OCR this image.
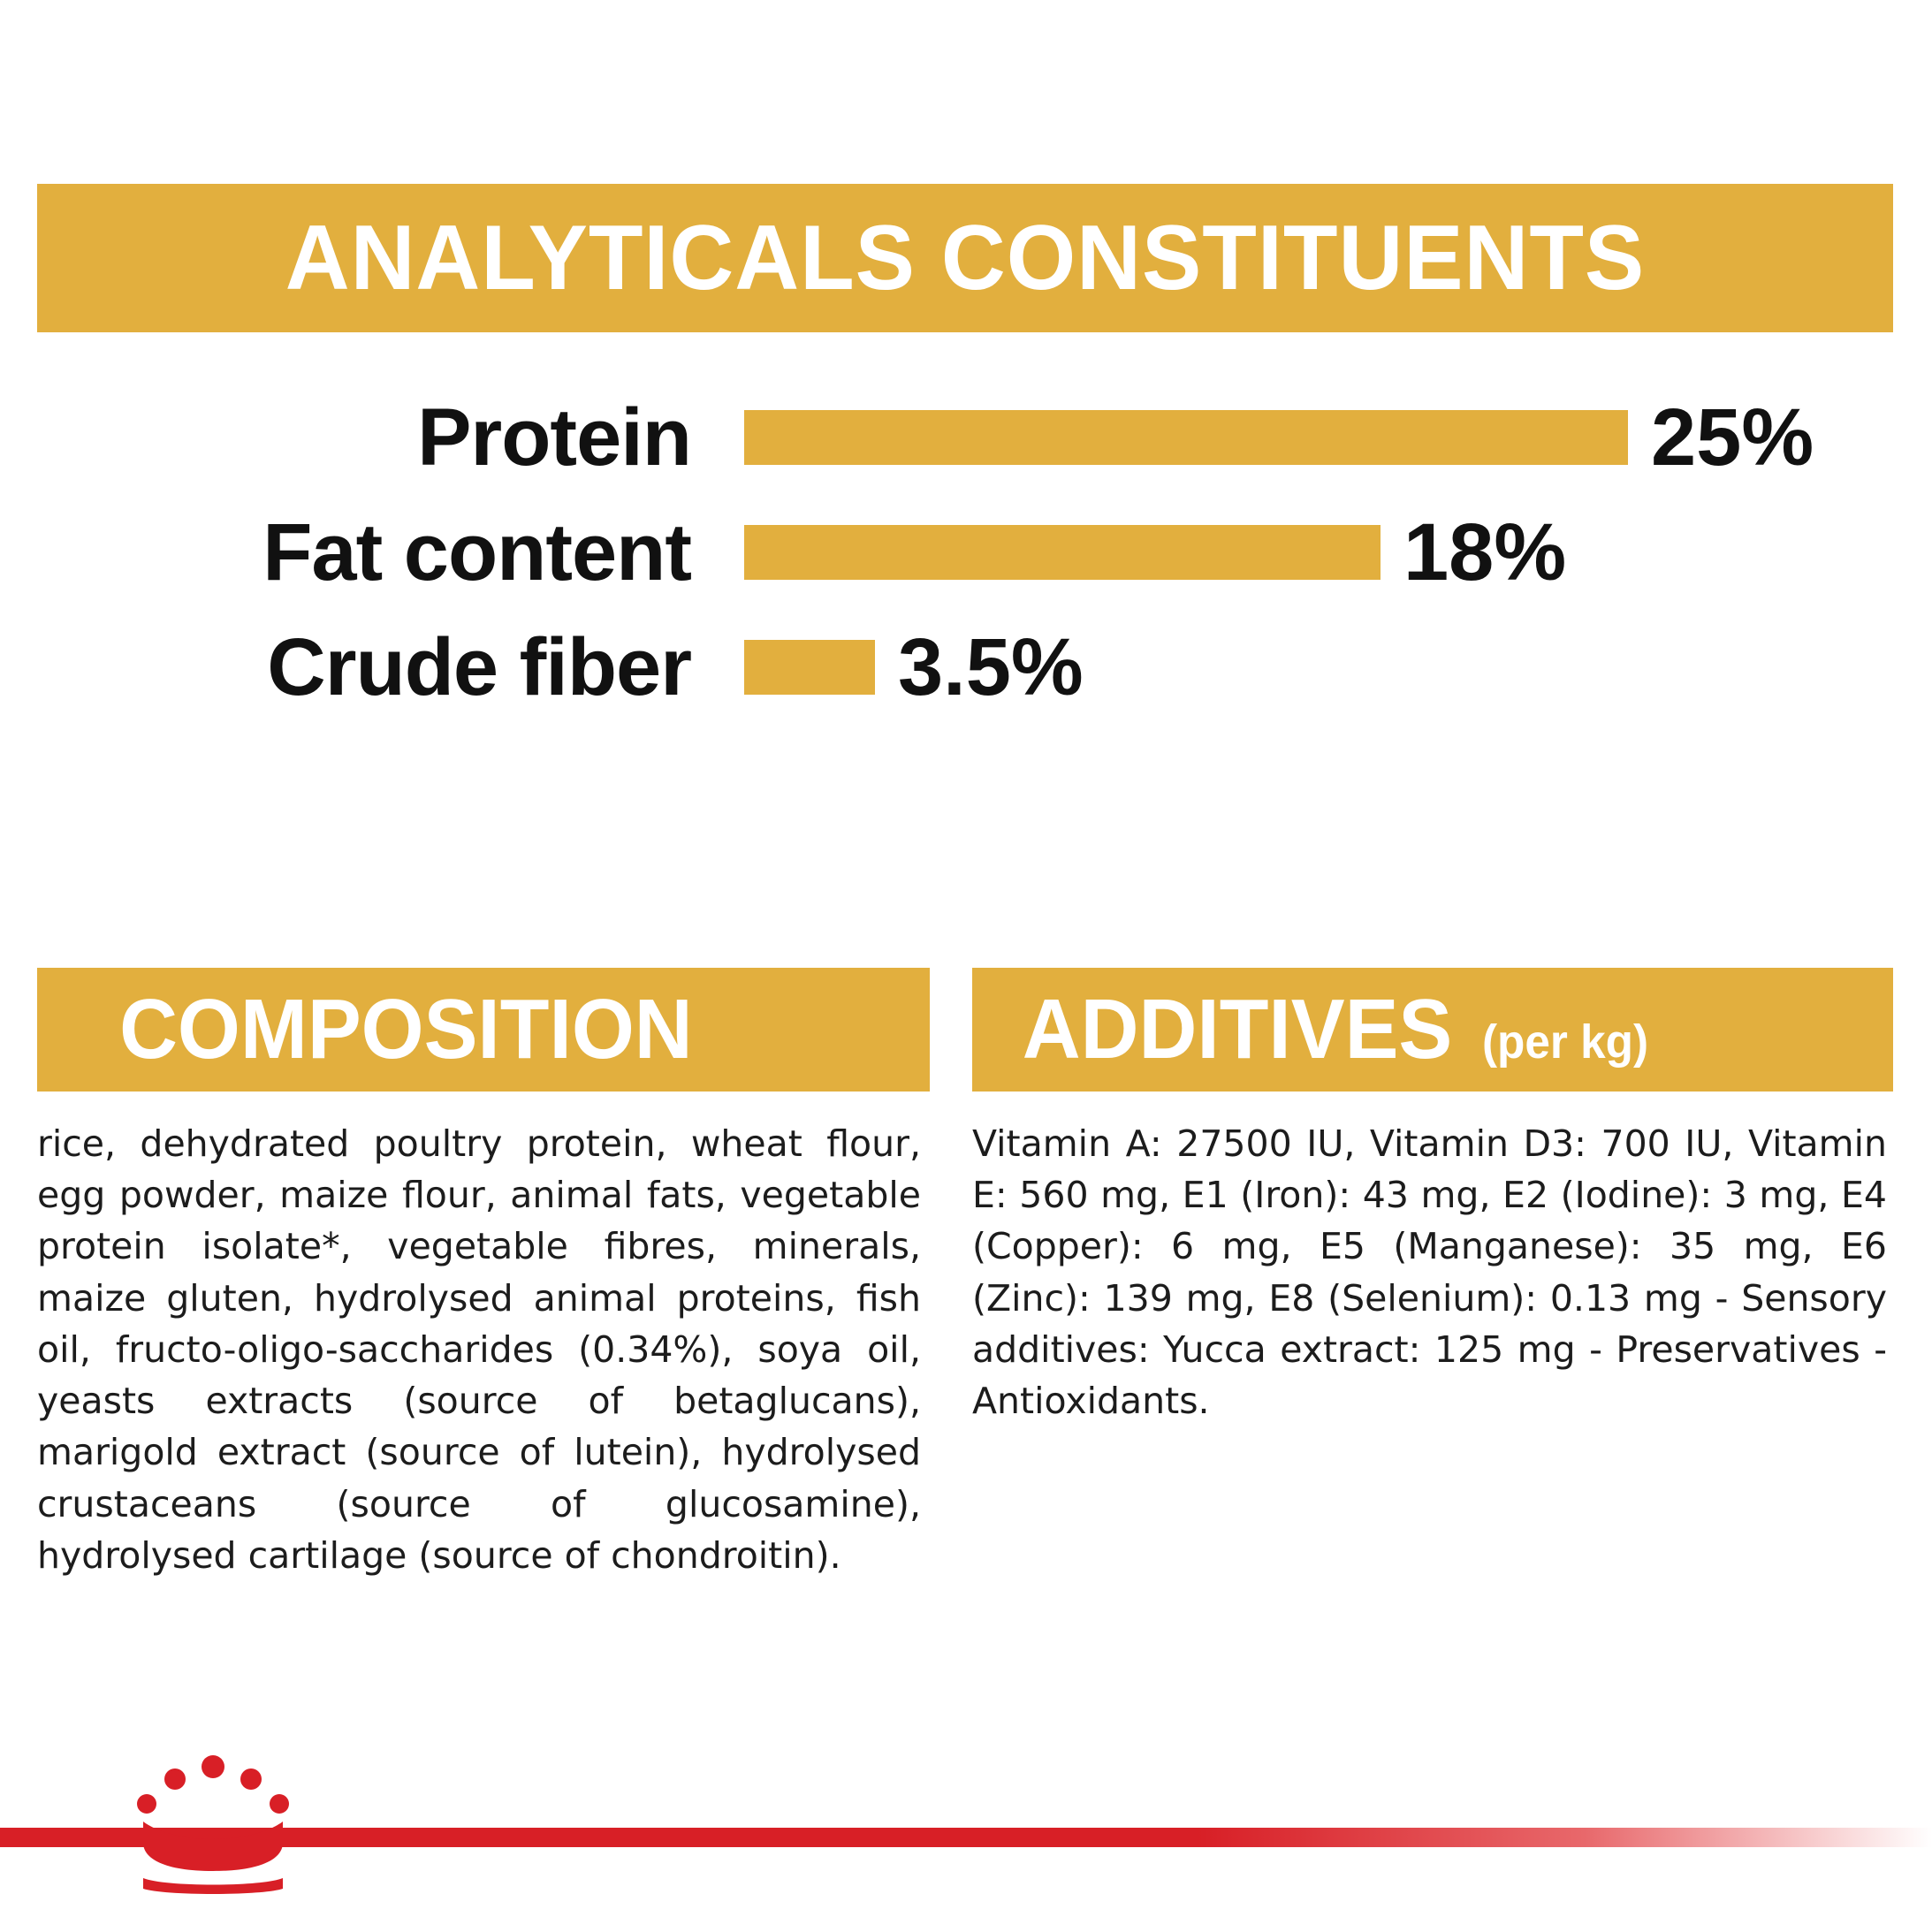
ANALYTICALS CONSTITUENTS
Protein	25%
Fat content	18%
Crude fiber	3.5%
COMPOSITION
rice, dehydrated poultry protein, wheat flour, egg powder, maize flour, animal fats, vegetable protein isolate*, vegetable fibres, minerals, maize gluten, hydrolysed animal proteins, fish oil, fructo-oligo-saccharides (0.34%), soya oil, yeasts extracts (source of betaglucans), marigold extract (source of lutein), hydrolysed crustaceans (source of glucosamine), hydrolysed cartilage (source of chondroitin).
ADDITIVES (per kg)
Vitamin A: 27500 IU, Vitamin D3: 700 IU, Vitamin E: 560 mg, E1 (Iron): 43 mg, E2 (Iodine): 3 mg, E4 (Copper): 6 mg, E5 (Manganese): 35 mg, E6 (Zinc): 139 mg, E8 (Selenium): 0.13 mg - Sensory additives: Yucca extract: 125 mg - Preservatives - Antioxidants.
